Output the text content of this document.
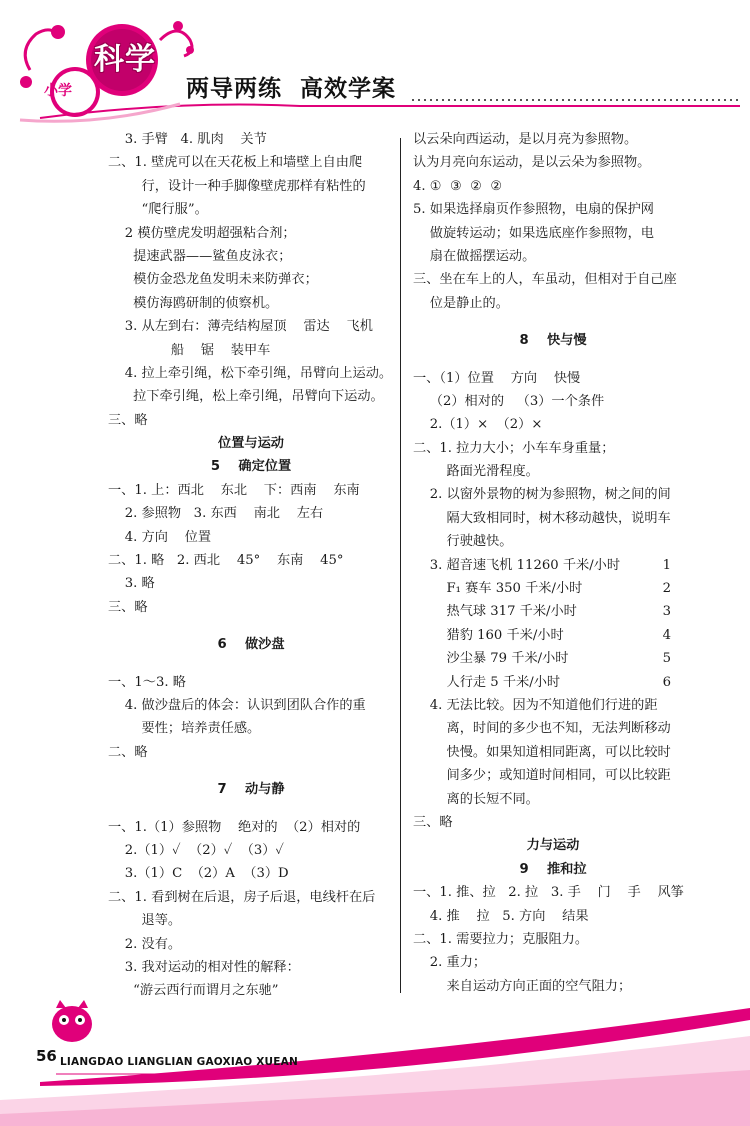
小学
科学
两导两练  高效学案
3. 手臂   4. 肌肉    关节
二、1. 壁虎可以在天花板上和墙壁上自由爬
行，设计一种手脚像壁虎那样有粘性的
“爬行服”。
2 模仿壁虎发明超强粘合剂；
提速武器——鲨鱼皮泳衣；
模仿金恐龙鱼发明未来防弹衣；
模仿海鸥研制的侦察机。
3. 从左到右：薄壳结构屋顶    雷达    飞机
船    锯    装甲车
4. 拉上牵引绳，松下牵引绳，吊臂向上运动。
拉下牵引绳，松上牵引绳，吊臂向下运动。
三、略
位置与运动
5    确定位置
一、1. 上：西北    东北    下：西南    东南
2. 参照物   3. 东西    南北    左右
4. 方向    位置
二、1. 略   2. 西北    45°    东南    45°
3. 略
三、略
6    做沙盘
一、1～3. 略
4. 做沙盘后的体会：认识到团队合作的重
要性；培养责任感。
二、略
7    动与静
一、1.（1）参照物    绝对的  （2）相对的
2.（1）✓  （2）✓  （3）✓
3.（1）C  （2）A  （3）D
二、1. 看到树在后退，房子后退，电线杆在后
退等。
2. 没有。
3. 我对运动的相对性的解释：
“游云西行而谓月之东驰”
以云朵向西运动，是以月亮为参照物。
认为月亮向东运动，是以云朵为参照物。
4. ①  ③  ②  ②
5. 如果选择扇页作参照物，电扇的保护网
做旋转运动；如果选底座作参照物，电
扇在做摇摆运动。
三、坐在车上的人，车虽动，但相对于自己座
位是静止的。
8    快与慢
一、（1）位置    方向    快慢
（2）相对的   （3）一个条件
2.（1）×  （2）×
二、1. 拉力大小；小车车身重量；
路面光滑程度。
2. 以窗外景物的树为参照物，树之间的间
隔大致相同时，树木移动越快，说明车
行驶越快。
3. 超音速飞机 11260 千米/小时	1
F₁ 赛车 350 千米/小时	2
热气球 317 千米/小时	3
猎豹 160 千米/小时	4
沙尘暴 79 千米/小时	5
人行走 5 千米/小时	6
4. 无法比较。因为不知道他们行进的距
离，时间的多少也不知，无法判断移动
快慢。如果知道相同距离，可以比较时
间多少；或知道时间相同，可以比较距
离的长短不同。
三、略
力与运动
9    推和拉
一、1. 推、拉   2. 拉   3. 手    门    手    风筝
4. 推    拉   5. 方向    结果
二、1. 需要拉力；克服阻力。
2. 重力；
来自运动方向正面的空气阻力；
56 LIANGDAO LIANGLIAN GAOXIAO XUEAN
